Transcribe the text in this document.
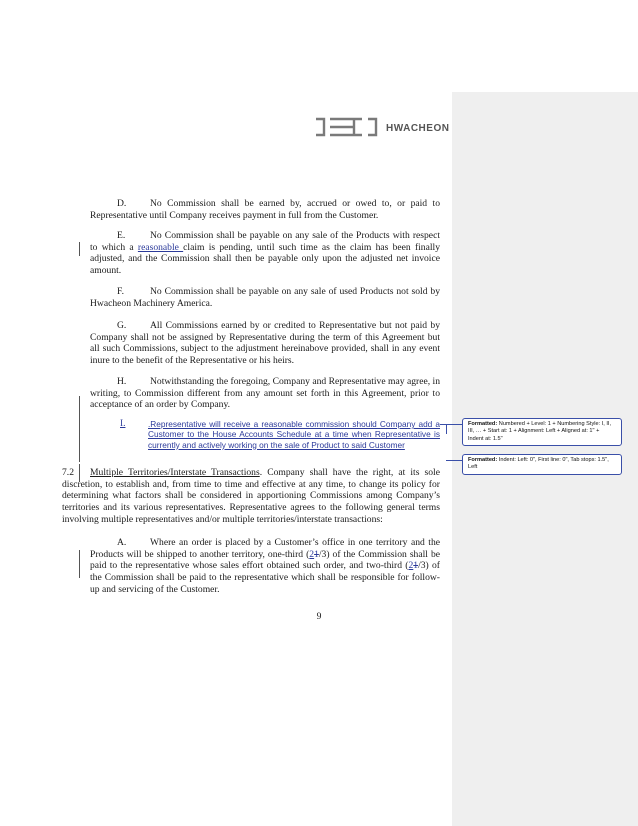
HWACHEON

D. No Commission shall be earned by, accrued or owed to, or paid to Representative until Company receives payment in full from the Customer.

E.	No Commission shall be payable on any sale of the Products with respect to which a reasonable claim is pending, until such time as the claim has been finally adjusted, and the Commission shall then be payable only upon the adjusted net invoice amount.

F.	No Commission shall be payable on any sale of used Products not sold by Hwacheon Machinery America.

G. All Commissions earned by or credited to Representative but not paid by Company shall not be assigned by Representative during the term of this Agreement but all such Commissions, subject to the adjustment hereinabove provided, shall in any event inure to the benefit of the Representative or his heirs.

H. Notwithstanding the foregoing, Company and Representative may agree, in writing, to Commission different from any amount set forth in this Agreement, prior to acceptance of an order by Company.

I.	.Representative will receive a reasonable commission should Company add a Customer to the House Accounts Schedule at a time when Representative is currently and actively working on the sale of Product to said Customer

7.2 Multiple Territories/Interstate Transactions. Company shall have the right, at its sole discretion, to establish and, from time to time and effective at any time, to change its policy for determining what factors shall be considered in apportioning Commissions among Company’s territories and its various representatives. Representative agrees to the following general terms involving multiple representatives and/or multiple territories/interstate transactions:

A. Where an order is placed by a Customer’s office in one territory and the Products will be shipped to another territory, one-third (21/3) of the Commission shall be paid to the representative whose sales effort obtained such order, and two-third (21/3) of the Commission shall be paid to the representative which shall be responsible for follow-up and servicing of the Customer.

9
Formatted: Numbered + Level: 1 + Numbering Style: I, II, III, … + Start at: 1 + Alignment: Left + Aligned at: 1" + Indent at: 1.5"
Formatted: Indent: Left: 0", First line: 0", Tab stops: 1.5", Left
